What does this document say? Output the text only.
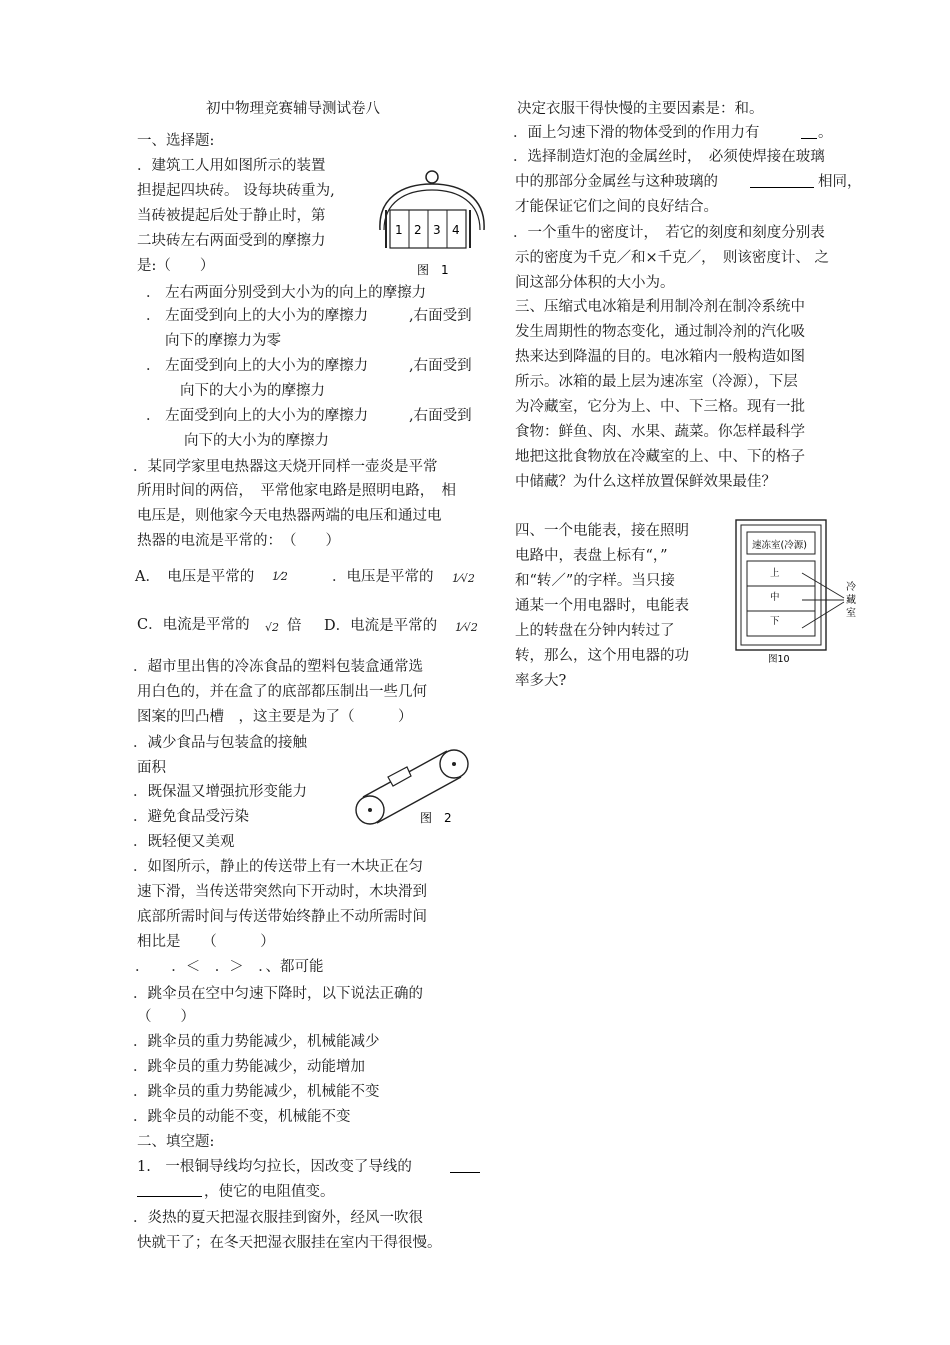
初中物理竞赛辅导测试卷八
一、选择题:
．建筑工人用如图所示的装置
担提起四块砖。 设每块砖重为,
当砖被提起后处于静止时，第
二块砖左右两面受到的摩擦力
是:（　　）
1 2 3 4
图　1
． 左右两面分别受到大小为的向上的摩擦力
． 左面受到向上的大小为的摩擦力	,右面受到
向下的摩擦力为零
． 左面受到向上的大小为的摩擦力	,右面受到
向下的大小为的摩擦力
． 左面受到向上的大小为的摩擦力	,右面受到
向下的大小为的摩擦力
．某同学家里电热器这天烧开同样一壶炎是平常
所用时间的两倍，　平常他家电路是照明电路，　相
电压是，则他家今天电热器两端的电压和通过电
热器的电流是平常的：　（　　）
A．　电压是平常的 1⁄2	．电压是平常的 1⁄√2
C．电流是平常的 √2 倍 D．电流是平常的 1⁄√2
．超市里出售的冷冻食品的塑料包装盒通常选
用白色的，并在盒了的底部都压制出一些几何
图案的凹凸槽　，这主要是为了（　　　）
．减少食品与包装盒的接触
面积
．既保温又增强抗形变能力
．避免食品受污染
．既轻便又美观
图　2
．如图所示，静止的传送带上有一木块正在匀
速下滑，当传送带突然向下开动时，木块滑到
底部所需时间与传送带始终静止不动所需时间
相比是　　（　　　）
．　　．＜　．＞　．、都可能
．跳伞员在空中匀速下降时，以下说法正确的
（　　）
．跳伞员的重力势能减少，机械能减少
．跳伞员的重力势能减少，动能增加
．跳伞员的重力势能减少，机械能不变
．跳伞员的动能不变，机械能不变
二、填空题:
1.　一根铜导线均匀拉长，因改变了导线的
，使它的电阻值变。
．炎热的夏天把湿衣服挂到窗外，经风一吹很
快就干了；在冬天把湿衣服挂在室内干得很慢。
决定衣服干得快慢的主要因素是：和。
．面上匀速下滑的物体受到的作用力有	。
．选择制造灯泡的金属丝时，　必须使焊接在玻璃
中的那部分金属丝与这种玻璃的	相同，
才能保证它们之间的良好结合。
．一个重牛的密度计，　若它的刻度和刻度分别表
示的密度为千克／和×千克／，　则该密度计、 之
间这部分体积的大小为。
三、压缩式电冰箱是利用制冷剂在制冷系统中
发生周期性的物态变化，通过制冷剂的汽化吸
热来达到降温的目的。电冰箱内一般构造如图
所示。冰箱的最上层为速冻室（冷源），下层
为冷藏室，它分为上、中、下三格。现有一批
食物：鲜鱼、肉、水果、蔬菜。你怎样最科学
地把这批食物放在冷藏室的上、中、下的格子
中储藏？为什么这样放置保鲜效果最佳？
四、一个电能表，接在照明
电路中，表盘上标有“，”
和“转／”的字样。当只接
通某一个用电器时，电能表
上的转盘在分钟内转过了
转，那么，这个用电器的功
率多大?
速冻室(冷源)
上
中
下
冷
藏
室
图10
